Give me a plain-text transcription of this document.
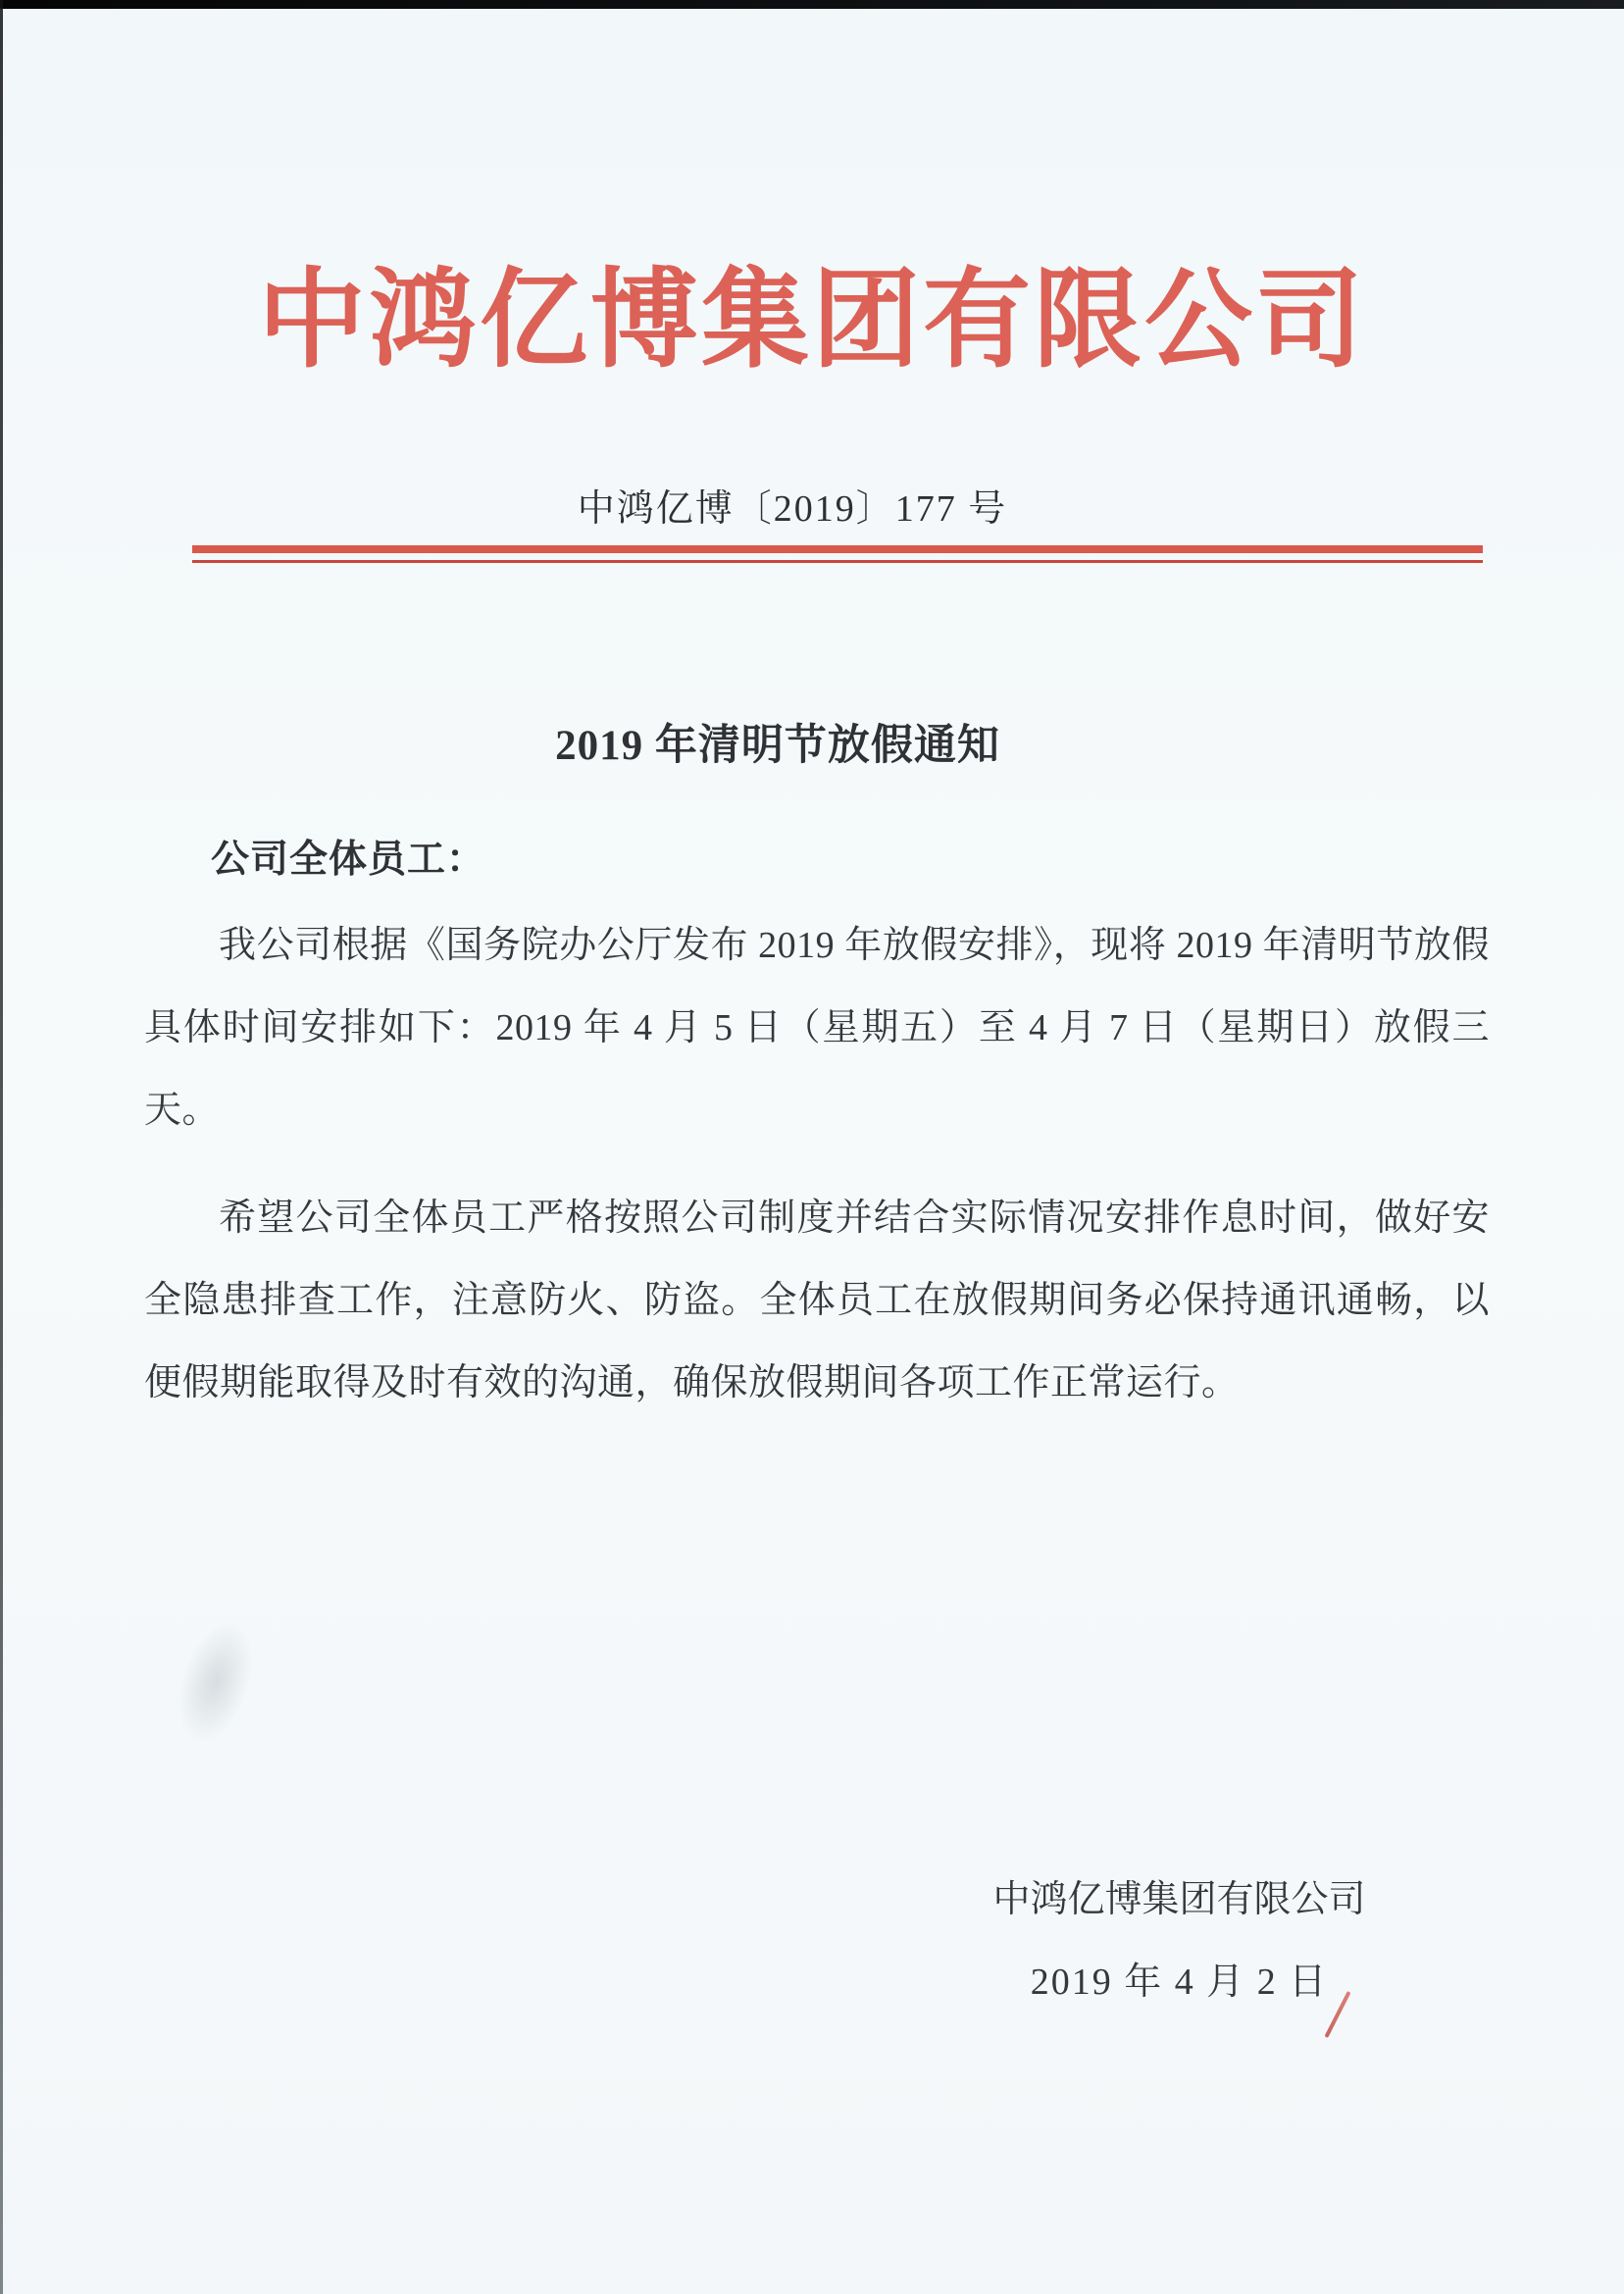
中鸿亿博集团有限公司
中鸿亿博〔2019〕177 号
2019 年清明节放假通知
公司全体员工：

我公司根据《国务院办公厅发布 2019 年放假安排》，现将 2019 年清明节放假具体时间安排如下：2019 年 4 月 5 日（星期五）至 4 月 7 日（星期日）放假三天。

希望公司全体员工严格按照公司制度并结合实际情况安排作息时间，做好安全隐患排查工作，注意防火、防盗。全体员工在放假期间务必保持通讯通畅，以便假期能取得及时有效的沟通，确保放假期间各项工作正常运行。

中鸿亿博集团有限公司
2019 年 4 月 2 日
